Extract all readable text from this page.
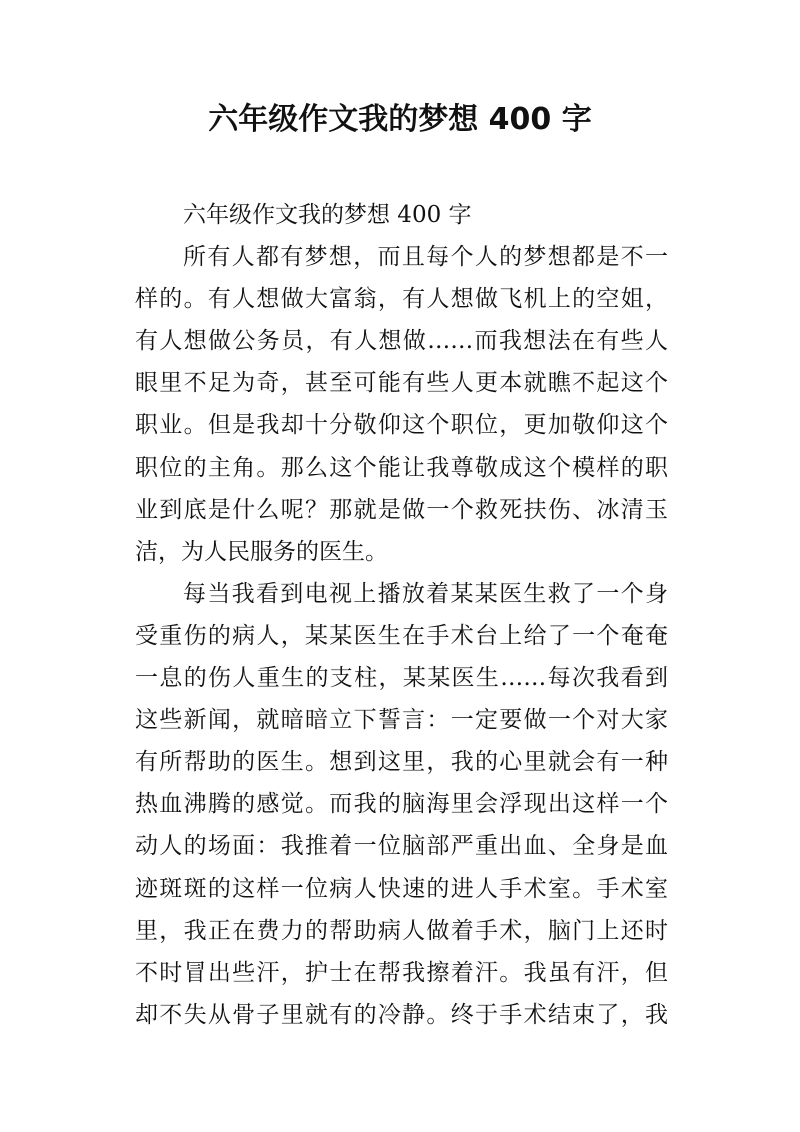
六年级作文我的梦想 400 字
六年级作文我的梦想 400 字
所有人都有梦想，而且每个人的梦想都是不一
样的。有人想做大富翁，有人想做飞机上的空姐，
有人想做公务员，有人想做……而我想法在有些人
眼里不足为奇，甚至可能有些人更本就瞧不起这个
职业。但是我却十分敬仰这个职位，更加敬仰这个
职位的主角。那么这个能让我尊敬成这个模样的职
业到底是什么呢？那就是做一个救死扶伤、冰清玉
洁，为人民服务的医生。
每当我看到电视上播放着某某医生救了一个身
受重伤的病人，某某医生在手术台上给了一个奄奄
一息的伤人重生的支柱，某某医生……每次我看到
这些新闻，就暗暗立下誓言：一定要做一个对大家
有所帮助的医生。想到这里，我的心里就会有一种
热血沸腾的感觉。而我的脑海里会浮现出这样一个
动人的场面：我推着一位脑部严重出血、全身是血
迹斑斑的这样一位病人快速的进人手术室。手术室
里，我正在费力的帮助病人做着手术，脑门上还时
不时冒出些汗，护士在帮我擦着汗。我虽有汗，但
却不失从骨子里就有的冷静。终于手术结束了，我
